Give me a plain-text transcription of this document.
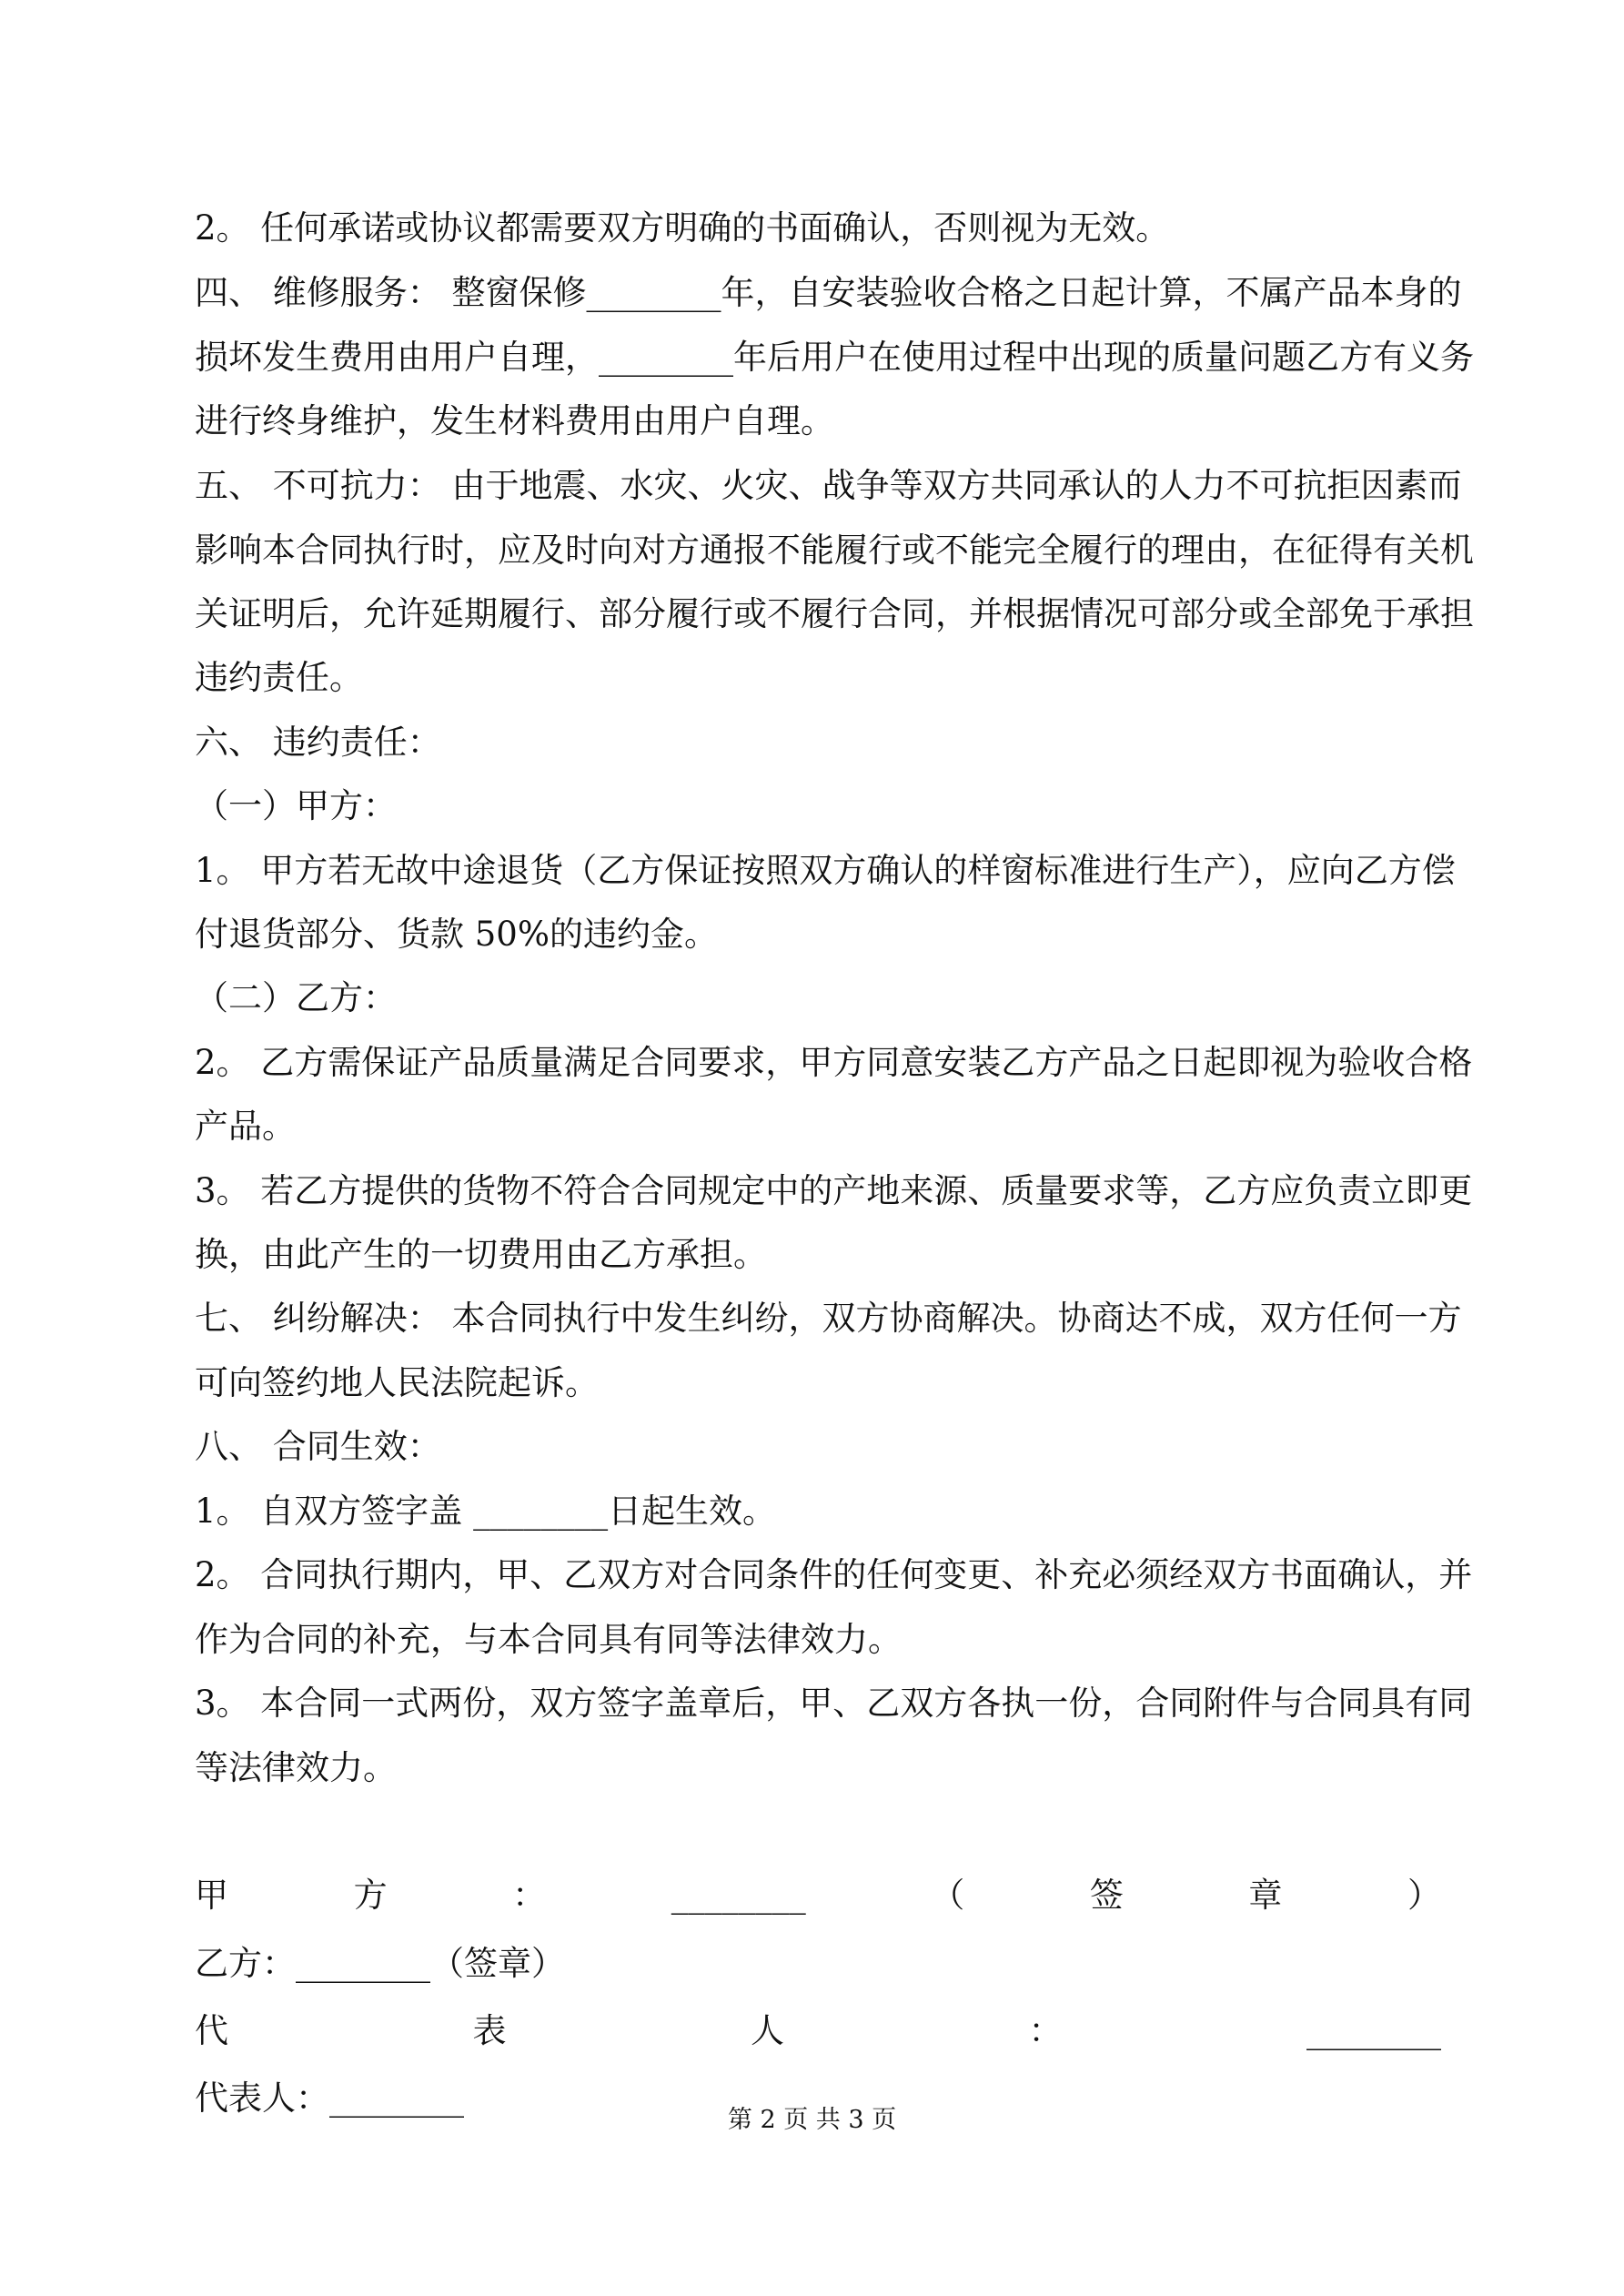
2。 任何承诺或协议都需要双方明确的书面确认，否则视为无效。
四、 维修服务： 整窗保修________年，自安装验收合格之日起计算，不属产品本身的
损坏发生费用由用户自理，________年后用户在使用过程中出现的质量问题乙方有义务
进行终身维护，发生材料费用由用户自理。
五、 不可抗力： 由于地震、水灾、火灾、战争等双方共同承认的人力不可抗拒因素而
影响本合同执行时，应及时向对方通报不能履行或不能完全履行的理由，在征得有关机
关证明后，允许延期履行、部分履行或不履行合同，并根据情况可部分或全部免于承担
违约责任。
六、 违约责任：
（一）甲方：
1。 甲方若无故中途退货（乙方保证按照双方确认的样窗标准进行生产），应向乙方偿
付退货部分、货款 50%的违约金。
（二）乙方：
2。 乙方需保证产品质量满足合同要求，甲方同意安装乙方产品之日起即视为验收合格
产品。
3。 若乙方提供的货物不符合合同规定中的产地来源、质量要求等，乙方应负责立即更
换，由此产生的一切费用由乙方承担。
七、 纠纷解决： 本合同执行中发生纠纷，双方协商解决。协商达不成，双方任何一方
可向签约地人民法院起诉。
八、 合同生效：
1。 自双方签字盖 ________日起生效。
2。 合同执行期内，甲、乙双方对合同条件的任何变更、补充必须经双方书面确认，并
作为合同的补充，与本合同具有同等法律效力。
3。 本合同一式两份，双方签字盖章后，甲、乙双方各执一份，合同附件与合同具有同
等法律效力。
甲	方	：	________	（	签	章	）
乙方：________（签章）
代	表	人	：	________
代表人：________
第 2 页 共 3 页
